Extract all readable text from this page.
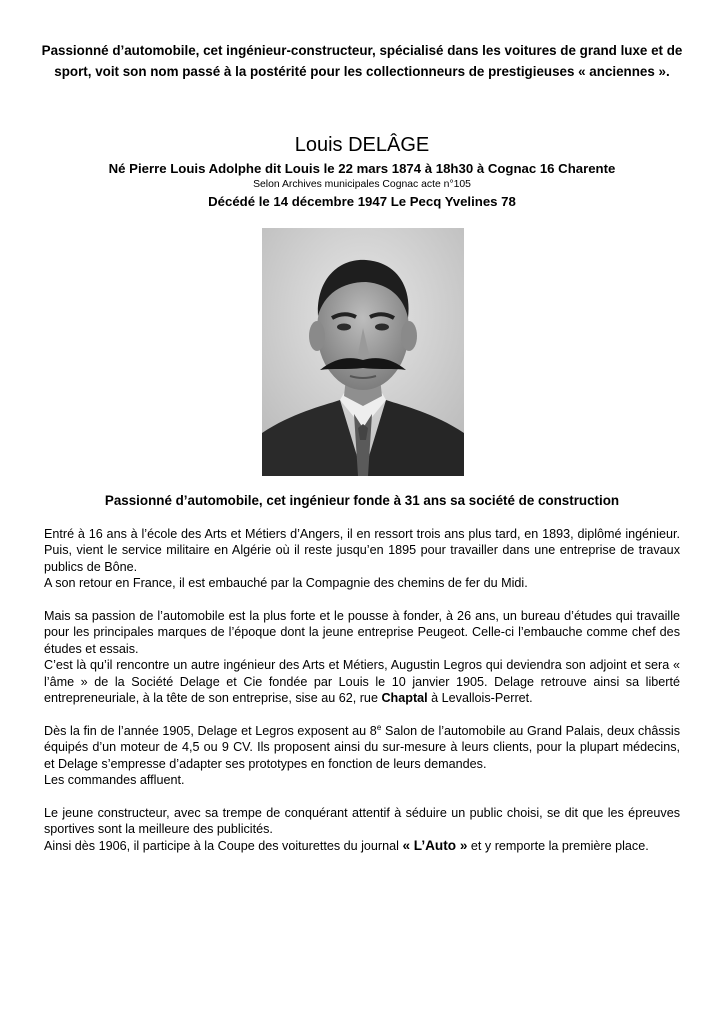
Passionné d’automobile, cet ingénieur-constructeur, spécialisé dans les voitures de grand luxe et de sport, voit son nom passé à la postérité pour les collectionneurs de prestigieuses « anciennes ».
Louis DELÂGE
Né Pierre Louis Adolphe dit Louis le 22 mars 1874 à 18h30 à Cognac 16 Charente
Selon Archives municipales Cognac acte n°105
Décédé le 14 décembre 1947 Le Pecq Yvelines 78
Passionné d’automobile, cet ingénieur fonde à 31 ans sa société de construction

Entré à 16 ans à l’école des Arts et Métiers d’Angers, il en ressort trois ans plus tard, en 1893, diplômé ingénieur. Puis, vient le service militaire en Algérie où il reste jusqu’en 1895 pour travailler dans une entreprise de travaux publics de Bône.

A son retour en France, il est embauché par la Compagnie des chemins de fer du Midi.

Mais sa passion de l’automobile est la plus forte et le pousse à fonder, à 26 ans, un bureau d’études qui travaille pour les principales marques de l’époque dont la jeune entreprise Peugeot. Celle-ci l’embauche comme chef des études et essais.

C’est là qu’il rencontre un autre ingénieur des Arts et Métiers, Augustin Legros qui deviendra son adjoint et sera « l’âme » de la Société Delage et Cie fondée par Louis le 10 janvier 1905. Delage retrouve ainsi sa liberté entrepreneuriale, à la tête de son entreprise, sise au 62, rue Chaptal à Levallois-Perret.

Dès la fin de l’année 1905, Delage et Legros exposent au 8e Salon de l’automobile au Grand Palais, deux châssis équipés d’un moteur de 4,5 ou 9 CV. Ils proposent ainsi du sur-mesure à leurs clients, pour la plupart médecins, et Delage s’empresse d’adapter ses prototypes en fonction de leurs demandes.

Les commandes affluent.

Le jeune constructeur, avec sa trempe de conquérant attentif à séduire un public choisi, se dit que les épreuves sportives sont la meilleure des publicités.

Ainsi dès 1906, il participe à la Coupe des voiturettes du journal « L’Auto » et y remporte la première place.
